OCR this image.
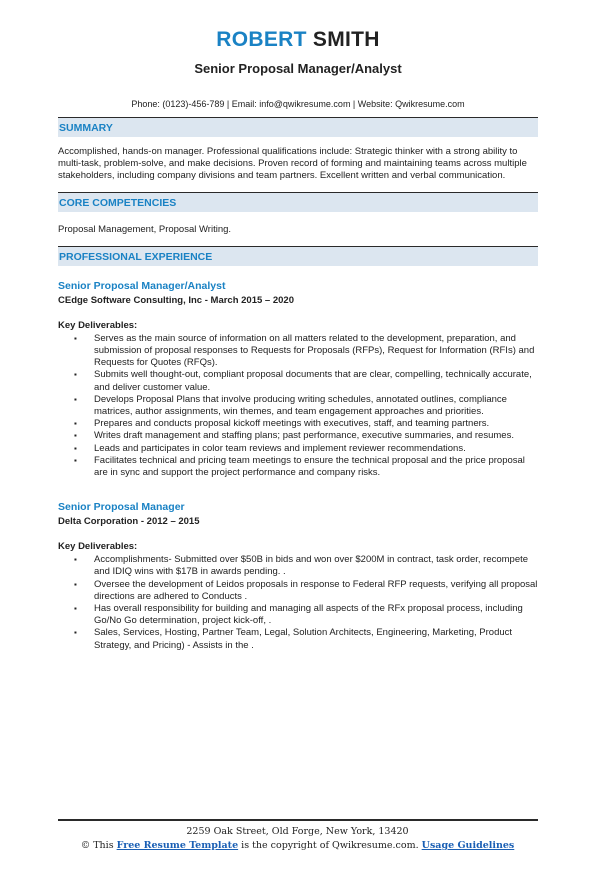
ROBERT SMITH
Senior Proposal Manager/Analyst
Phone: (0123)-456-789 | Email: info@qwikresume.com | Website: Qwikresume.com
SUMMARY
Accomplished, hands-on manager. Professional qualifications include: Strategic thinker with a strong ability to multi-task, problem-solve, and make decisions. Proven record of forming and maintaining teams across multiple stakeholders, including company divisions and team partners. Excellent written and verbal communication.
CORE COMPETENCIES
Proposal Management, Proposal Writing.
PROFESSIONAL EXPERIENCE
Senior Proposal Manager/Analyst
CEdge Software Consulting, Inc - March 2015 – 2020
Key Deliverables:
▪ Serves as the main source of information on all matters related to the development, preparation, and submission of proposal responses to Requests for Proposals (RFPs), Request for Information (RFIs) and Requests for Quotes (RFQs).
▪ Submits well thought-out, compliant proposal documents that are clear, compelling, technically accurate, and deliver customer value.
▪ Develops Proposal Plans that involve producing writing schedules, annotated outlines, compliance matrices, author assignments, win themes, and team engagement approaches and priorities.
▪ Prepares and conducts proposal kickoff meetings with executives, staff, and teaming partners.
▪ Writes draft management and staffing plans; past performance, executive summaries, and resumes.
▪ Leads and participates in color team reviews and implement reviewer recommendations.
▪ Facilitates technical and pricing team meetings to ensure the technical proposal and the price proposal are in sync and support the project performance and company risks.
Senior Proposal Manager
Delta Corporation - 2012 – 2015
Key Deliverables:
▪ Accomplishments- Submitted over $50B in bids and won over $200M in contract, task order, recompete and IDIQ wins with $17B in awards pending. .
▪ Oversee the development of Leidos proposals in response to Federal RFP requests, verifying all proposal directions are adhered to Conducts .
▪ Has overall responsibility for building and managing all aspects of the RFx proposal process, including Go/No Go determination, project kick-off, .
▪ Sales, Services, Hosting, Partner Team, Legal, Solution Architects, Engineering, Marketing, Product Strategy, and Pricing) - Assists in the .
2259 Oak Street, Old Forge, New York, 13420
© This Free Resume Template is the copyright of Qwikresume.com. Usage Guidelines
